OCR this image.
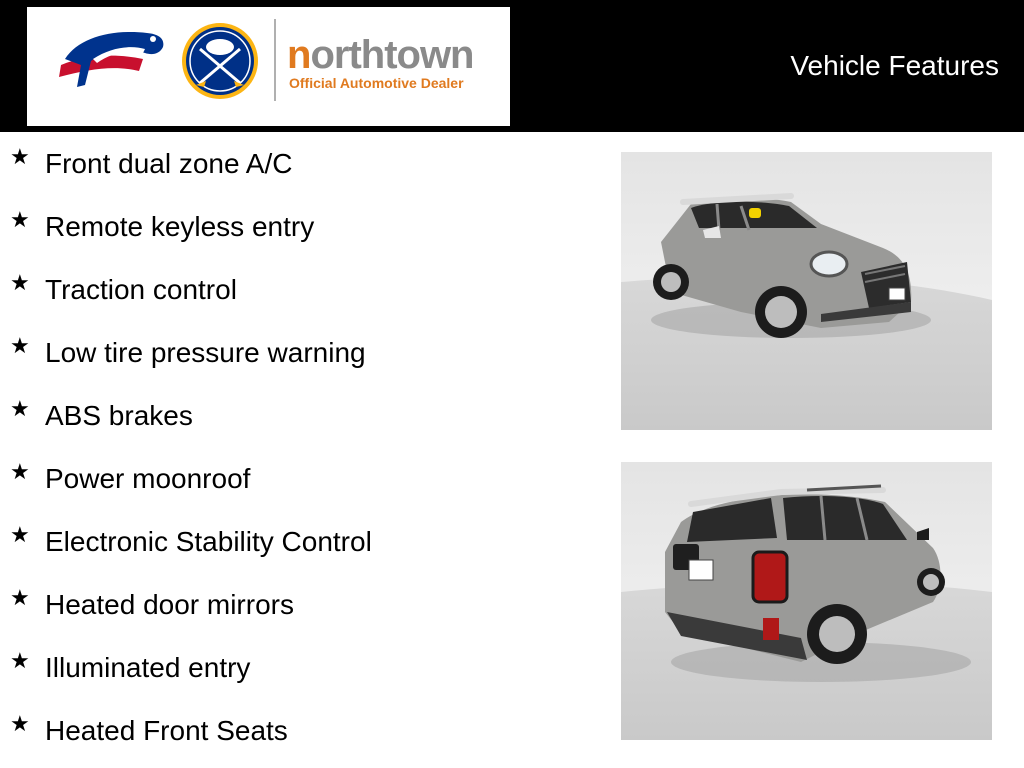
northtown
Official Automotive Dealer
Vehicle Features
★ Front dual zone A/C
★ Remote keyless entry
★ Traction control
★ Low tire pressure warning
★ ABS brakes
★ Power moonroof
★ Electronic Stability Control
★ Heated door mirrors
★ Illuminated entry
★ Heated Front Seats
